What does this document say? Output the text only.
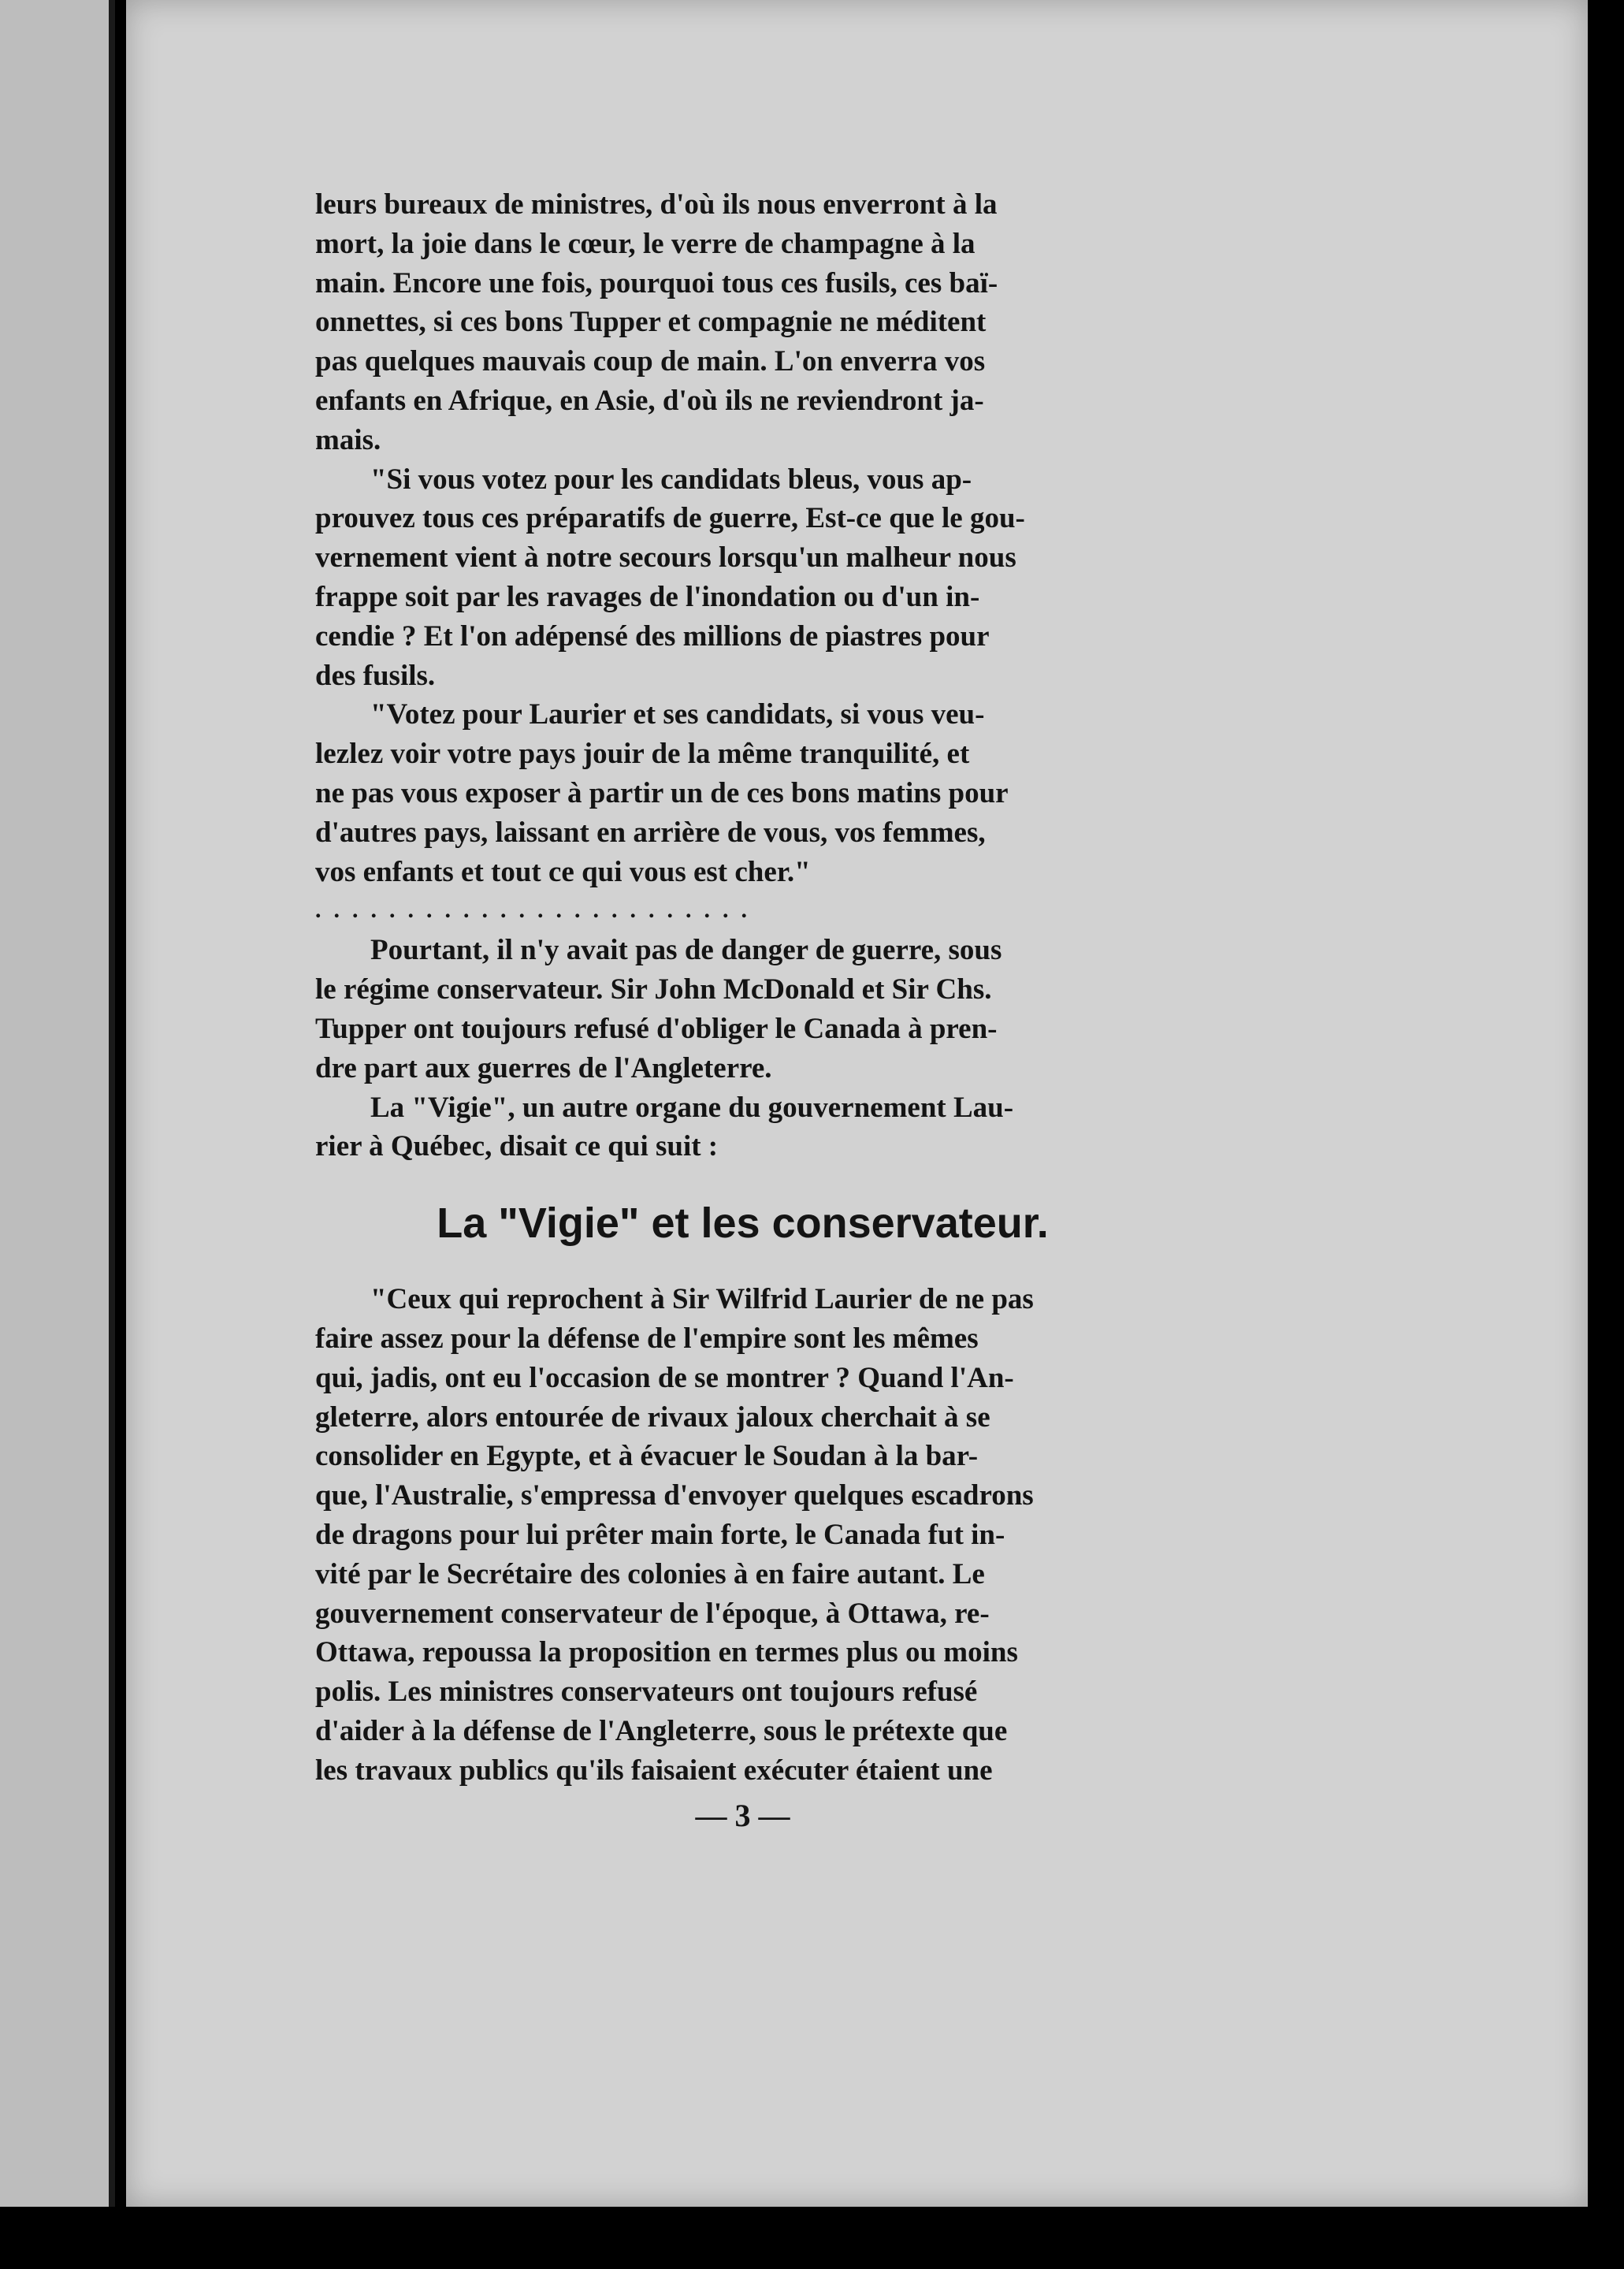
leurs bureaux de ministres, d'où ils nous enverront à la
mort, la joie dans le cœur, le verre de champagne à la
main. Encore une fois, pourquoi tous ces fusils, ces baï-
onnettes, si ces bons Tupper et compagnie ne méditent
pas quelques mauvais coup de main. L'on enverra vos
enfants en Afrique, en Asie, d'où ils ne reviendront ja-
mais.

"Si vous votez pour les candidats bleus, vous ap-
prouvez tous ces préparatifs de guerre, Est-ce que le gou-
vernement vient à notre secours lorsqu'un malheur nous
frappe soit par les ravages de l'inondation ou d'un in-
cendie ? Et l'on adépensé des millions de piastres pour
des fusils.

"Votez pour Laurier et ses candidats, si vous veu-
lezlez voir votre pays jouir de la même tranquilité, et
ne pas vous exposer à partir un de ces bons matins pour
d'autres pays, laissant en arrière de vous, vos femmes,
vos enfants et tout ce qui vous est cher."

........................

Pourtant, il n'y avait pas de danger de guerre, sous
le régime conservateur. Sir John McDonald et Sir Chs.
Tupper ont toujours refusé d'obliger le Canada à pren-
dre part aux guerres de l'Angleterre.

La "Vigie", un autre organe du gouvernement Lau-
rier à Québec, disait ce qui suit :

La "Vigie" et les conservateur.

"Ceux qui reprochent à Sir Wilfrid Laurier de ne pas
faire assez pour la défense de l'empire sont les mêmes
qui, jadis, ont eu l'occasion de se montrer ? Quand l'An-
gleterre, alors entourée de rivaux jaloux cherchait à se
consolider en Egypte, et à évacuer le Soudan à la bar-
que, l'Australie, s'empressa d'envoyer quelques escadrons
de dragons pour lui prêter main forte, le Canada fut in-
vité par le Secrétaire des colonies à en faire autant. Le
gouvernement conservateur de l'époque, à Ottawa, re-
Ottawa, repoussa la proposition en termes plus ou moins
polis. Les ministres conservateurs ont toujours refusé
d'aider à la défense de l'Angleterre, sous le prétexte que
les travaux publics qu'ils faisaient exécuter étaient une

— 3 —
